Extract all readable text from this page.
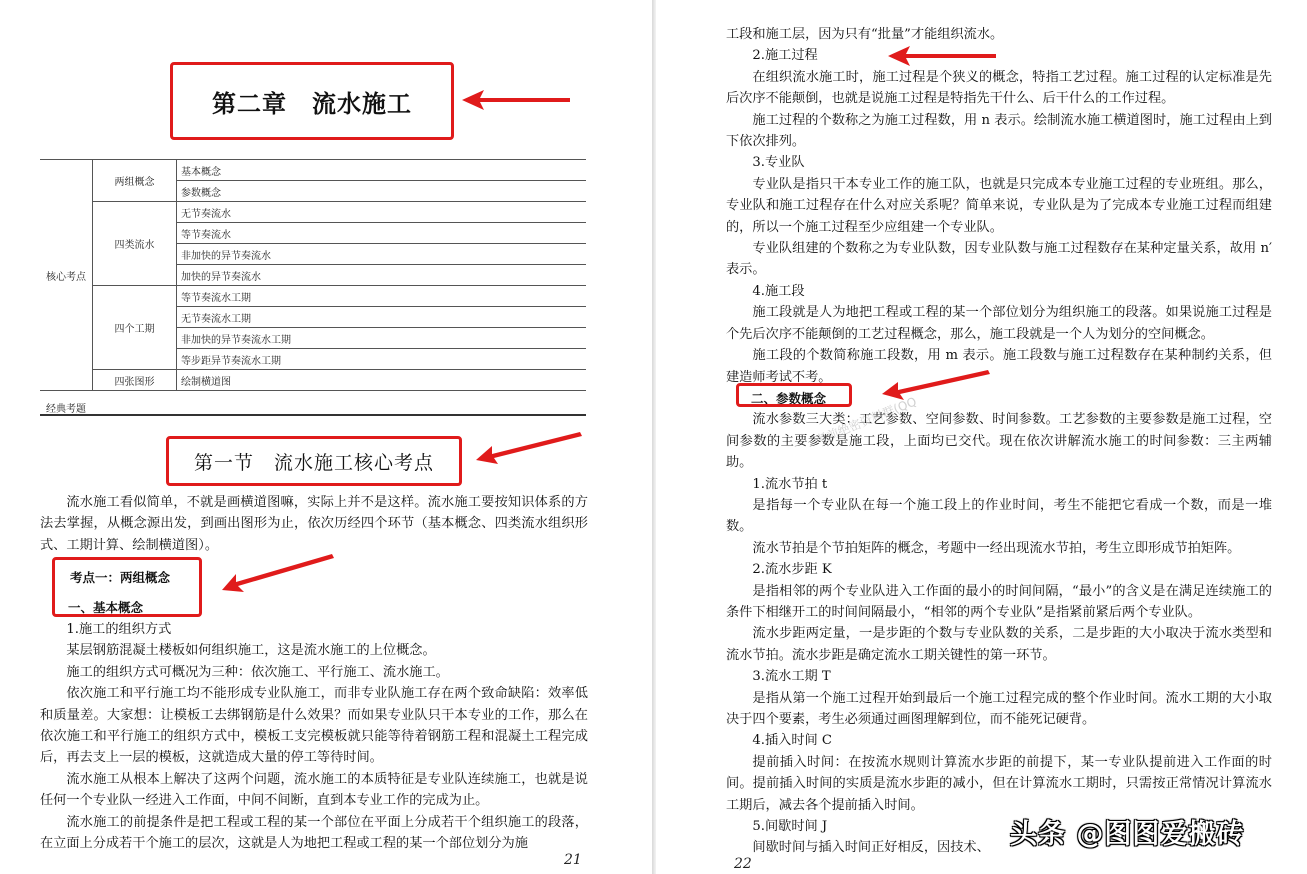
第二章　流水施工
核心考点	两组概念	基本概念
		参数概念
	四类流水	无节奏流水
		等节奏流水
		非加快的异节奏流水
		加快的异节奏流水
	四个工期	等节奏流水工期
		无节奏流水工期
		非加快的异节奏流水工期
		等步距异节奏流水工期
	四张图形	绘制横道图
经典考题
第一节　流水施工核心考点

流水施工看似简单，不就是画横道图嘛，实际上并不是这样。流水施工要按知识体系的方法去掌握，从概念源出发，到画出图形为止，依次历经四个环节（基本概念、四类流水组织形式、工期计算、绘制横道图）。

考点一：两组概念

一、基本概念

1.施工的组织方式

某层钢筋混凝土楼板如何组织施工，这是流水施工的上位概念。

施工的组织方式可概况为三种：依次施工、平行施工、流水施工。

依次施工和平行施工均不能形成专业队施工，而非专业队施工存在两个致命缺陷：效率低和质量差。大家想：让模板工去绑钢筋是什么效果？而如果专业队只干本专业的工作，那么在依次施工和平行施工的组织方式中，模板工支完模板就只能等待着钢筋工程和混凝土工程完成后，再去支上一层的模板，这就造成大量的停工等待时间。

流水施工从根本上解决了这两个问题，流水施工的本质特征是专业队连续施工，也就是说任何一个专业队一经进入工作面，中间不间断，直到本专业工作的完成为止。

流水施工的前提条件是把工程或工程的某一个部位在平面上分成若干个组织施工的段落，在立面上分成若干个施工的层次，这就是人为地把工程或工程的某一个部位划分为施

21

工段和施工层，因为只有“批量”才能组织流水。

2.施工过程

在组织流水施工时，施工过程是个狭义的概念，特指工艺过程。施工过程的认定标准是先后次序不能颠倒，也就是说施工过程是特指先干什么、后干什么的工作过程。

施工过程的个数称之为施工过程数，用 n 表示。绘制流水施工横道图时，施工过程由上到下依次排列。

3.专业队

专业队是指只干本专业工作的施工队，也就是只完成本专业施工过程的专业班组。那么，专业队和施工过程存在什么对应关系呢？简单来说，专业队是为了完成本专业施工过程而组建的，所以一个施工过程至少应组建一个专业队。

专业队组建的个数称之为专业队数，因专业队数与施工过程数存在某种定量关系，故用 n′表示。

4.施工段

施工段就是人为地把工程或工程的某一个部位划分为组织施工的段落。如果说施工过程是个先后次序不能颠倒的工艺过程概念，那么，施工段就是一个人为划分的空间概念。

施工段的个数简称施工段数，用 m 表示。施工段数与施工过程数存在某种制约关系，但建造师考试不考。

二、参数概念

流水参数三大类：工艺参数、空间参数、时间参数。工艺参数的主要参数是施工过程，空间参数的主要参数是施工段，上面均已交代。现在依次讲解流水施工的时间参数：三主两辅助。

1.流水节拍 t

是指每一个专业队在每一个施工段上的作业时间，考生不能把它看成一个数，而是一堆数。

流水节拍是个节拍矩阵的概念，考题中一经出现流水节拍，考生立即形成节拍矩阵。

2.流水步距 K

是指相邻的两个专业队进入工作面的最小的时间间隔，“最小”的含义是在满足连续施工的条件下相继开工的时间间隔最小，“相邻的两个专业队”是指紧前紧后两个专业队。

流水步距两定量，一是步距的个数与专业队数的关系，二是步距的大小取决于流水类型和流水节拍。流水步距是确定流水工期关键性的第一环节。

3.流水工期 T

是指从第一个施工过程开始到最后一个施工过程完成的整个作业时间。流水工期的大小取决于四个要素，考生必须通过画图理解到位，而不能死记硬背。

4.插入时间 C

提前插入时间：在按流水规则计算流水步距的前提下，某一专业队提前进入工作面的时间。提前插入时间的实质是流水步距的减小，但在计算流水工期时，只需按正常情况计算流水工期后，减去各个提前插入时间。

5.间歇时间 J

间歇时间与插入时间正好相反，因技术、

22
考前绝密资料群(QQ
头条 @图图爱搬砖
